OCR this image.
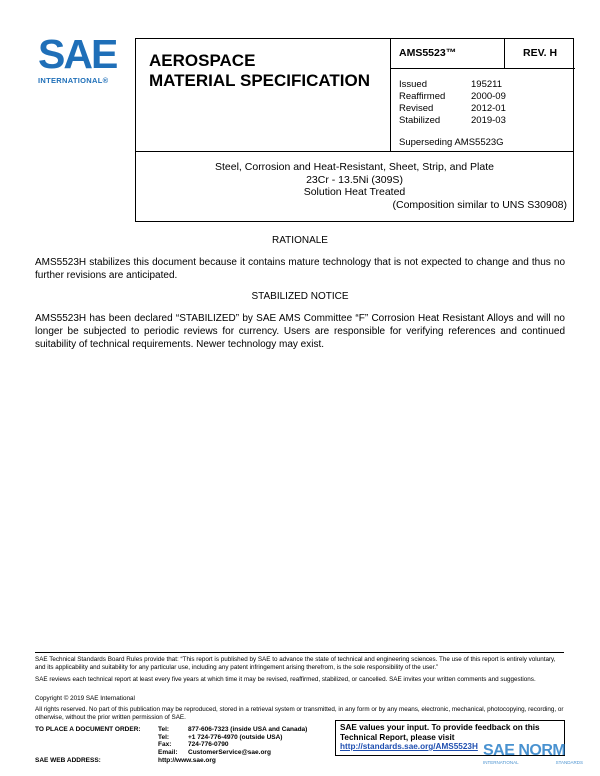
SAE
INTERNATIONAL®
AEROSPACE
MATERIAL SPECIFICATION
AMS5523™	REV. H
Issued	195211
Reaffirmed	2000-09
Revised	2012-01
Stabilized	2019-03
Superseding AMS5523G
Steel, Corrosion and Heat-Resistant, Sheet, Strip, and Plate
23Cr - 13.5Ni (309S)
Solution Heat Treated
(Composition similar to UNS S30908)
RATIONALE
AMS5523H stabilizes this document because it contains mature technology that is not expected to change and thus no further revisions are anticipated.
STABILIZED NOTICE
AMS5523H has been declared “STABILIZED” by SAE AMS Committee “F” Corrosion Heat Resistant Alloys and will no longer be subjected to periodic reviews for currency. Users are responsible for verifying references and continued suitability of technical requirements. Newer technology may exist.
SAE Technical Standards Board Rules provide that: “This report is published by SAE to advance the state of technical and engineering sciences. The use of this report is entirely voluntary, and its applicability and suitability for any particular use, including any patent infringement arising therefrom, is the sole responsibility of the user.”
SAE reviews each technical report at least every five years at which time it may be revised, reaffirmed, stabilized, or cancelled. SAE invites your written comments and suggestions.
Copyright © 2019 SAE International
All rights reserved. No part of this publication may be reproduced, stored in a retrieval system or transmitted, in any form or by any means, electronic, mechanical, photocopying, recording, or otherwise, without the prior written permission of SAE.
TO PLACE A DOCUMENT ORDER:	Tel:	877-606-7323 (inside USA and Canada)
Tel:	+1 724-776-4970 (outside USA)
Fax:	724-776-0790
Email:	CustomerService@sae.org
SAE WEB ADDRESS:	http://www.sae.org
SAE values your input. To provide feedback on this
Technical Report, please visit
http://standards.sae.org/AMS5523H SAE NORM
INTERNATIONAL	STANDARDS
